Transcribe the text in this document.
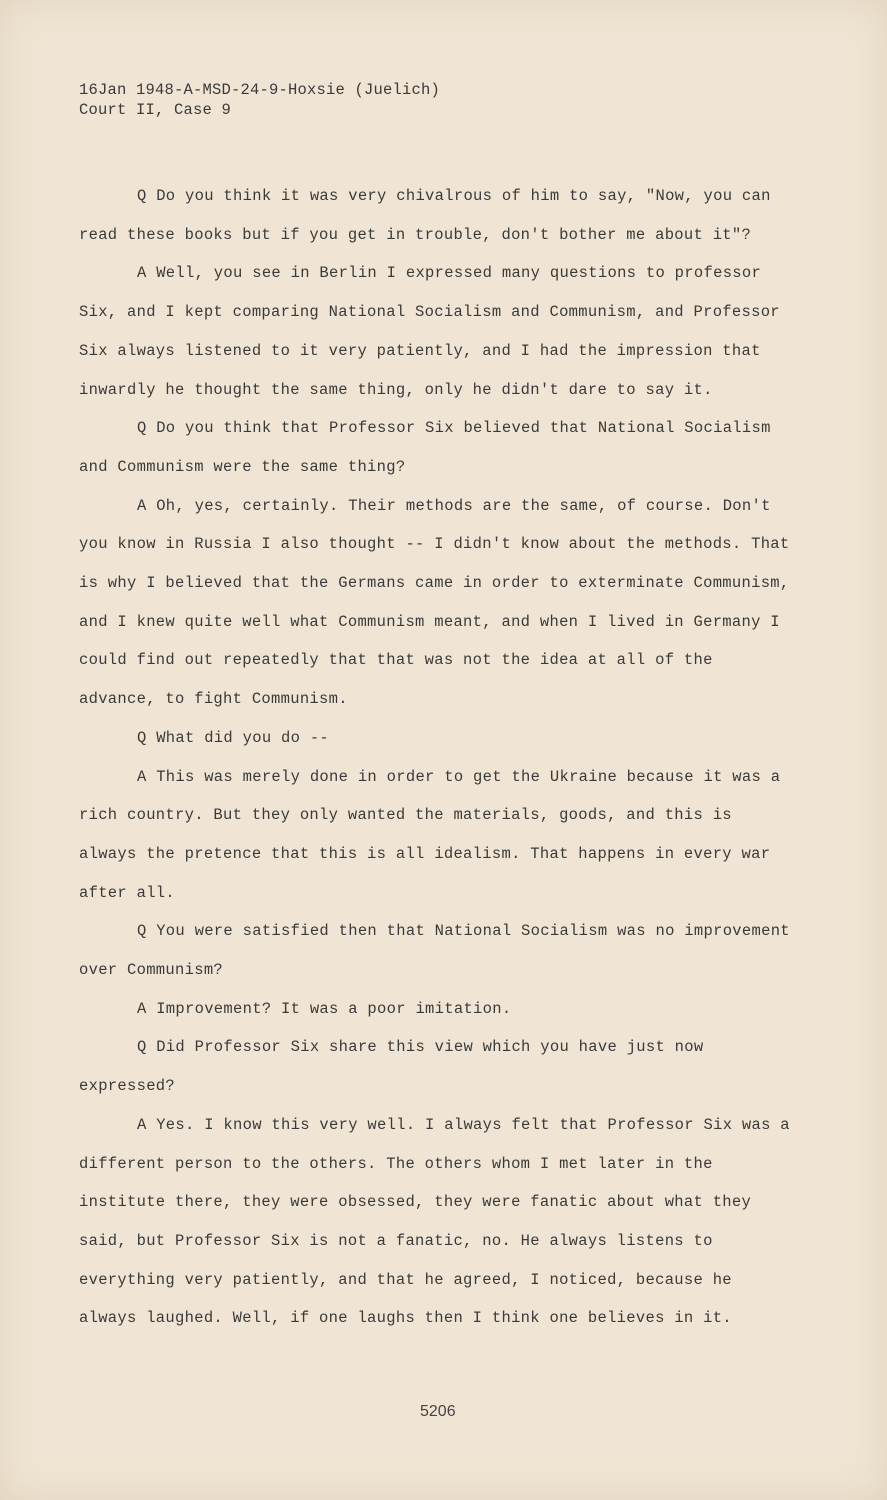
16Jan 1948-A-MSD-24-9-Hoxsie (Juelich)
Court II, Case 9

Q Do you think it was very chivalrous of him to say, "Now, you can read these books but if you get in trouble, don't bother me about it"?

A Well, you see in Berlin I expressed many questions to professor Six, and I kept comparing National Socialism and Communism, and Professor Six always listened to it very patiently, and I had the impression that inwardly he thought the same thing, only he didn't dare to say it.

Q Do you think that Professor Six believed that National Socialism and Communism were the same thing?

A Oh, yes, certainly. Their methods are the same, of course. Don't you know in Russia I also thought -- I didn't know about the methods. That is why I believed that the Germans came in order to exterminate Communism, and I knew quite well what Communism meant, and when I lived in Germany I could find out repeatedly that that was not the idea at all of the advance, to fight Communism.

Q What did you do --

A This was merely done in order to get the Ukraine because it was a rich country. But they only wanted the materials, goods, and this is always the pretence that this is all idealism. That happens in every war after all.

Q You were satisfied then that National Socialism was no improvement over Communism?

A Improvement? It was a poor imitation.

Q Did Professor Six share this view which you have just now expressed?

A Yes. I know this very well. I always felt that Professor Six was a different person to the others. The others whom I met later in the institute there, they were obsessed, they were fanatic about what they said, but Professor Six is not a fanatic, no. He always listens to everything very patiently, and that he agreed, I noticed, because he always laughed. Well, if one laughs then I think one believes in it.

5206
